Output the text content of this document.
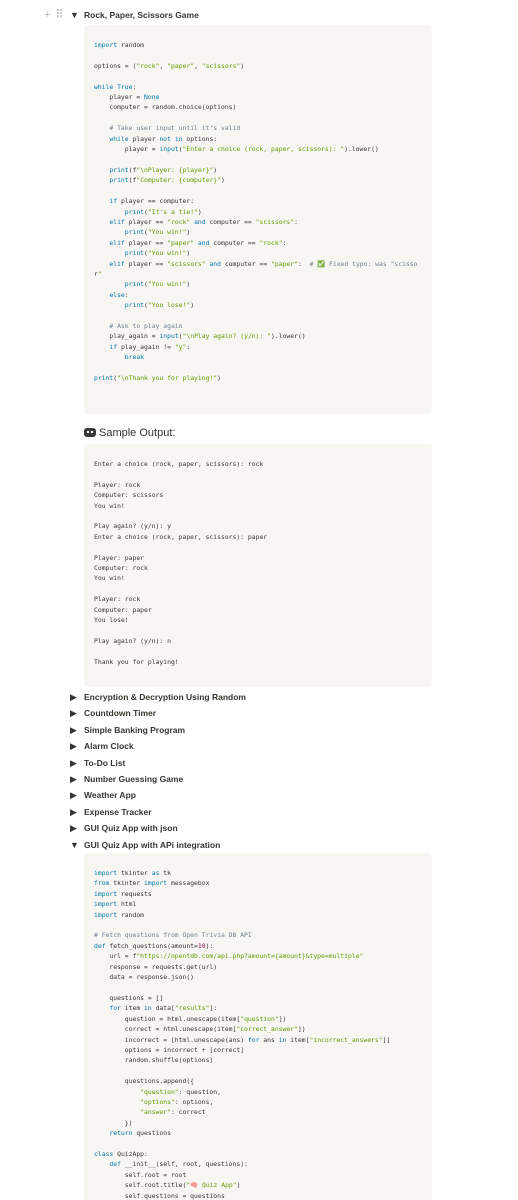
+ ⠿ ▼ Rock, Paper, Scissors Game
import random

options = ("rock", "paper", "scissors")

while True:
player = None
computer = random.choice(options)

# Take user input until it's valid
while player not in options:
player = input("Enter a choice (rock, paper, scissors): ").lower()

print(f"\nPlayer: {player}")
print(f"Computer: {computer}")

if player == computer:
print("It's a tie!")
elif player == "rock" and computer == "scissors":
print("You win!")
elif player == "paper" and computer == "rock":
print("You win!")
elif player == "scissors" and computer == "paper":  # ✅ Fixed typo: was "scisso
r"
print("You win!")
else:
print("You lose!")

# Ask to play again
play_again = input("\nPlay again? (y/n): ").lower()
if play_again != "y":
break

print("\nThank you for playing!")
Sample Output:
Enter a choice (rock, paper, scissors): rock

Player: rock
Computer: scissors
You win!

Play again? (y/n): y
Enter a choice (rock, paper, scissors): paper

Player: paper
Computer: rock
You win!

Player: rock
Computer: paper
You lose!

Play again? (y/n): n

Thank you for playing!
▶ Encryption & Decryption Using Random
▶ Countdown Timer
▶ Simple Banking Program
▶ Alarm Clock
▶ To-Do List
▶ Number Guessing Game
▶ Weather App
▶ Expense Tracker
▶ GUI Quiz App with json
▼ GUI Quiz App with APi integration
import tkinter as tk
from tkinter import messagebox
import requests
import html
import random

# Fetch questions from Open Trivia DB API
def fetch_questions(amount=10):
url = f"https://opentdb.com/api.php?amount={amount}&type=multiple"
response = requests.get(url)
data = response.json()

questions = []
for item in data["results"]:
question = html.unescape(item["question"])
correct = html.unescape(item["correct_answer"])
incorrect = [html.unescape(ans) for ans in item["incorrect_answers"]]
options = incorrect + [correct]
random.shuffle(options)

questions.append({
"question": question,
"options": options,
"answer": correct
})
return questions

class QuizApp:
def __init__(self, root, questions):
self.root = root
self.root.title("🧠 Quiz App")
self.questions = questions
